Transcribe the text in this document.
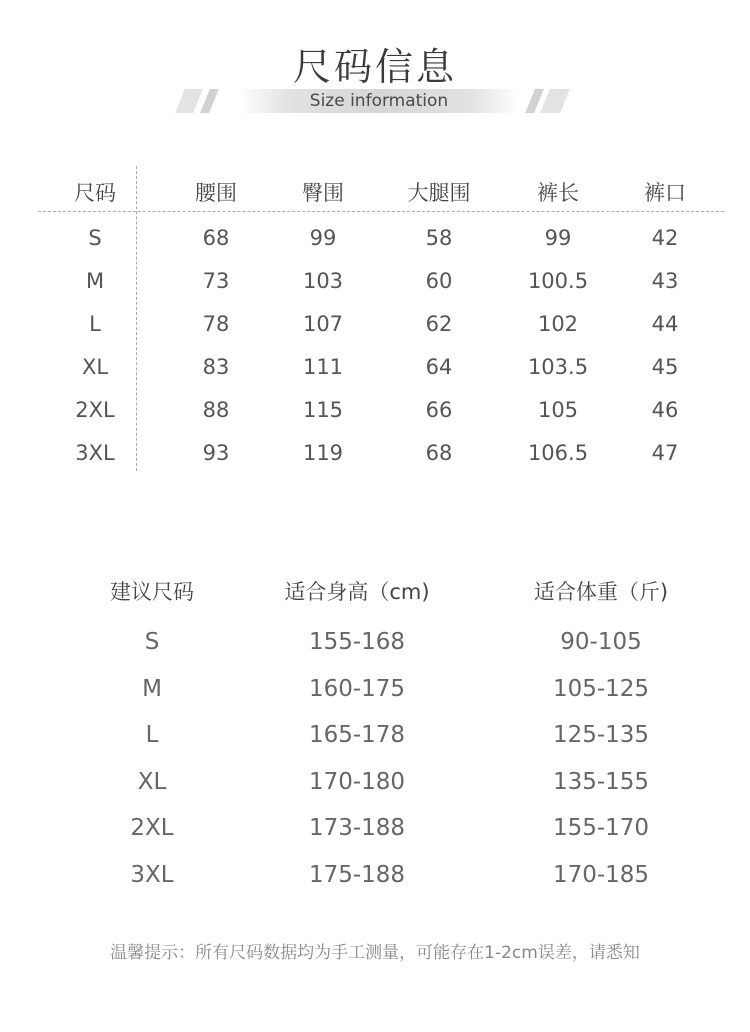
尺码信息
Size information
尺码	腰围	臀围	大腿围	裤长	裤口
S	68	99	58	99	42
M	73	103	60	100.5	43
L	78	107	62	102	44
XL	83	111	64	103.5	45
2XL	88	115	66	105	46
3XL	93	119	68	106.5	47
建议尺码	适合身高（cm)	适合体重（斤)
S	155-168	90-105
M	160-175	105-125
L	165-178	125-135
XL	170-180	135-155
2XL	173-188	155-170
3XL	175-188	170-185
温馨提示：所有尺码数据均为手工测量，可能存在1-2cm误差，请悉知
